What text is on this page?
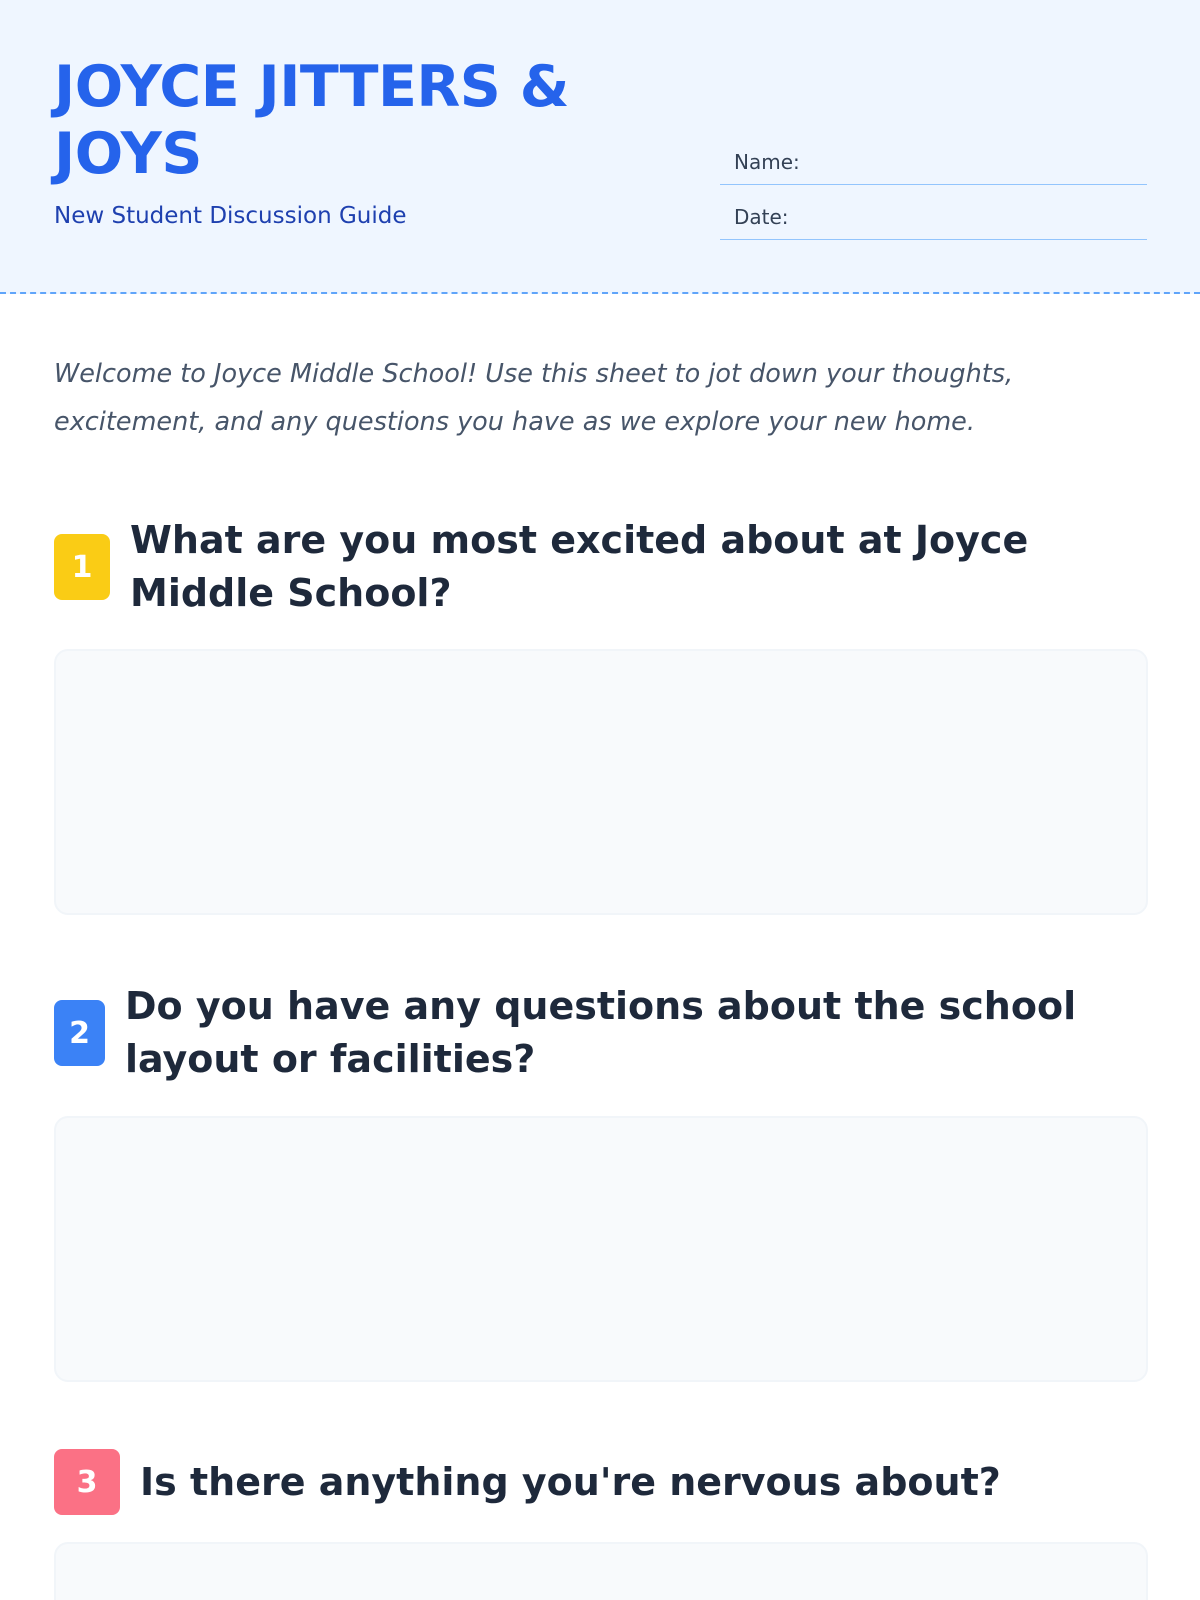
JOYCE JITTERS & JOYS

New Student Discussion Guide

Name:
Date:

Welcome to Joyce Middle School! Use this sheet to jot down your thoughts, excitement, and any questions you have as we explore your new home.

1
What are you most excited about at Joyce Middle School?
2
Do you have any questions about the school layout or facilities?
3	Is there anything you're nervous about?
